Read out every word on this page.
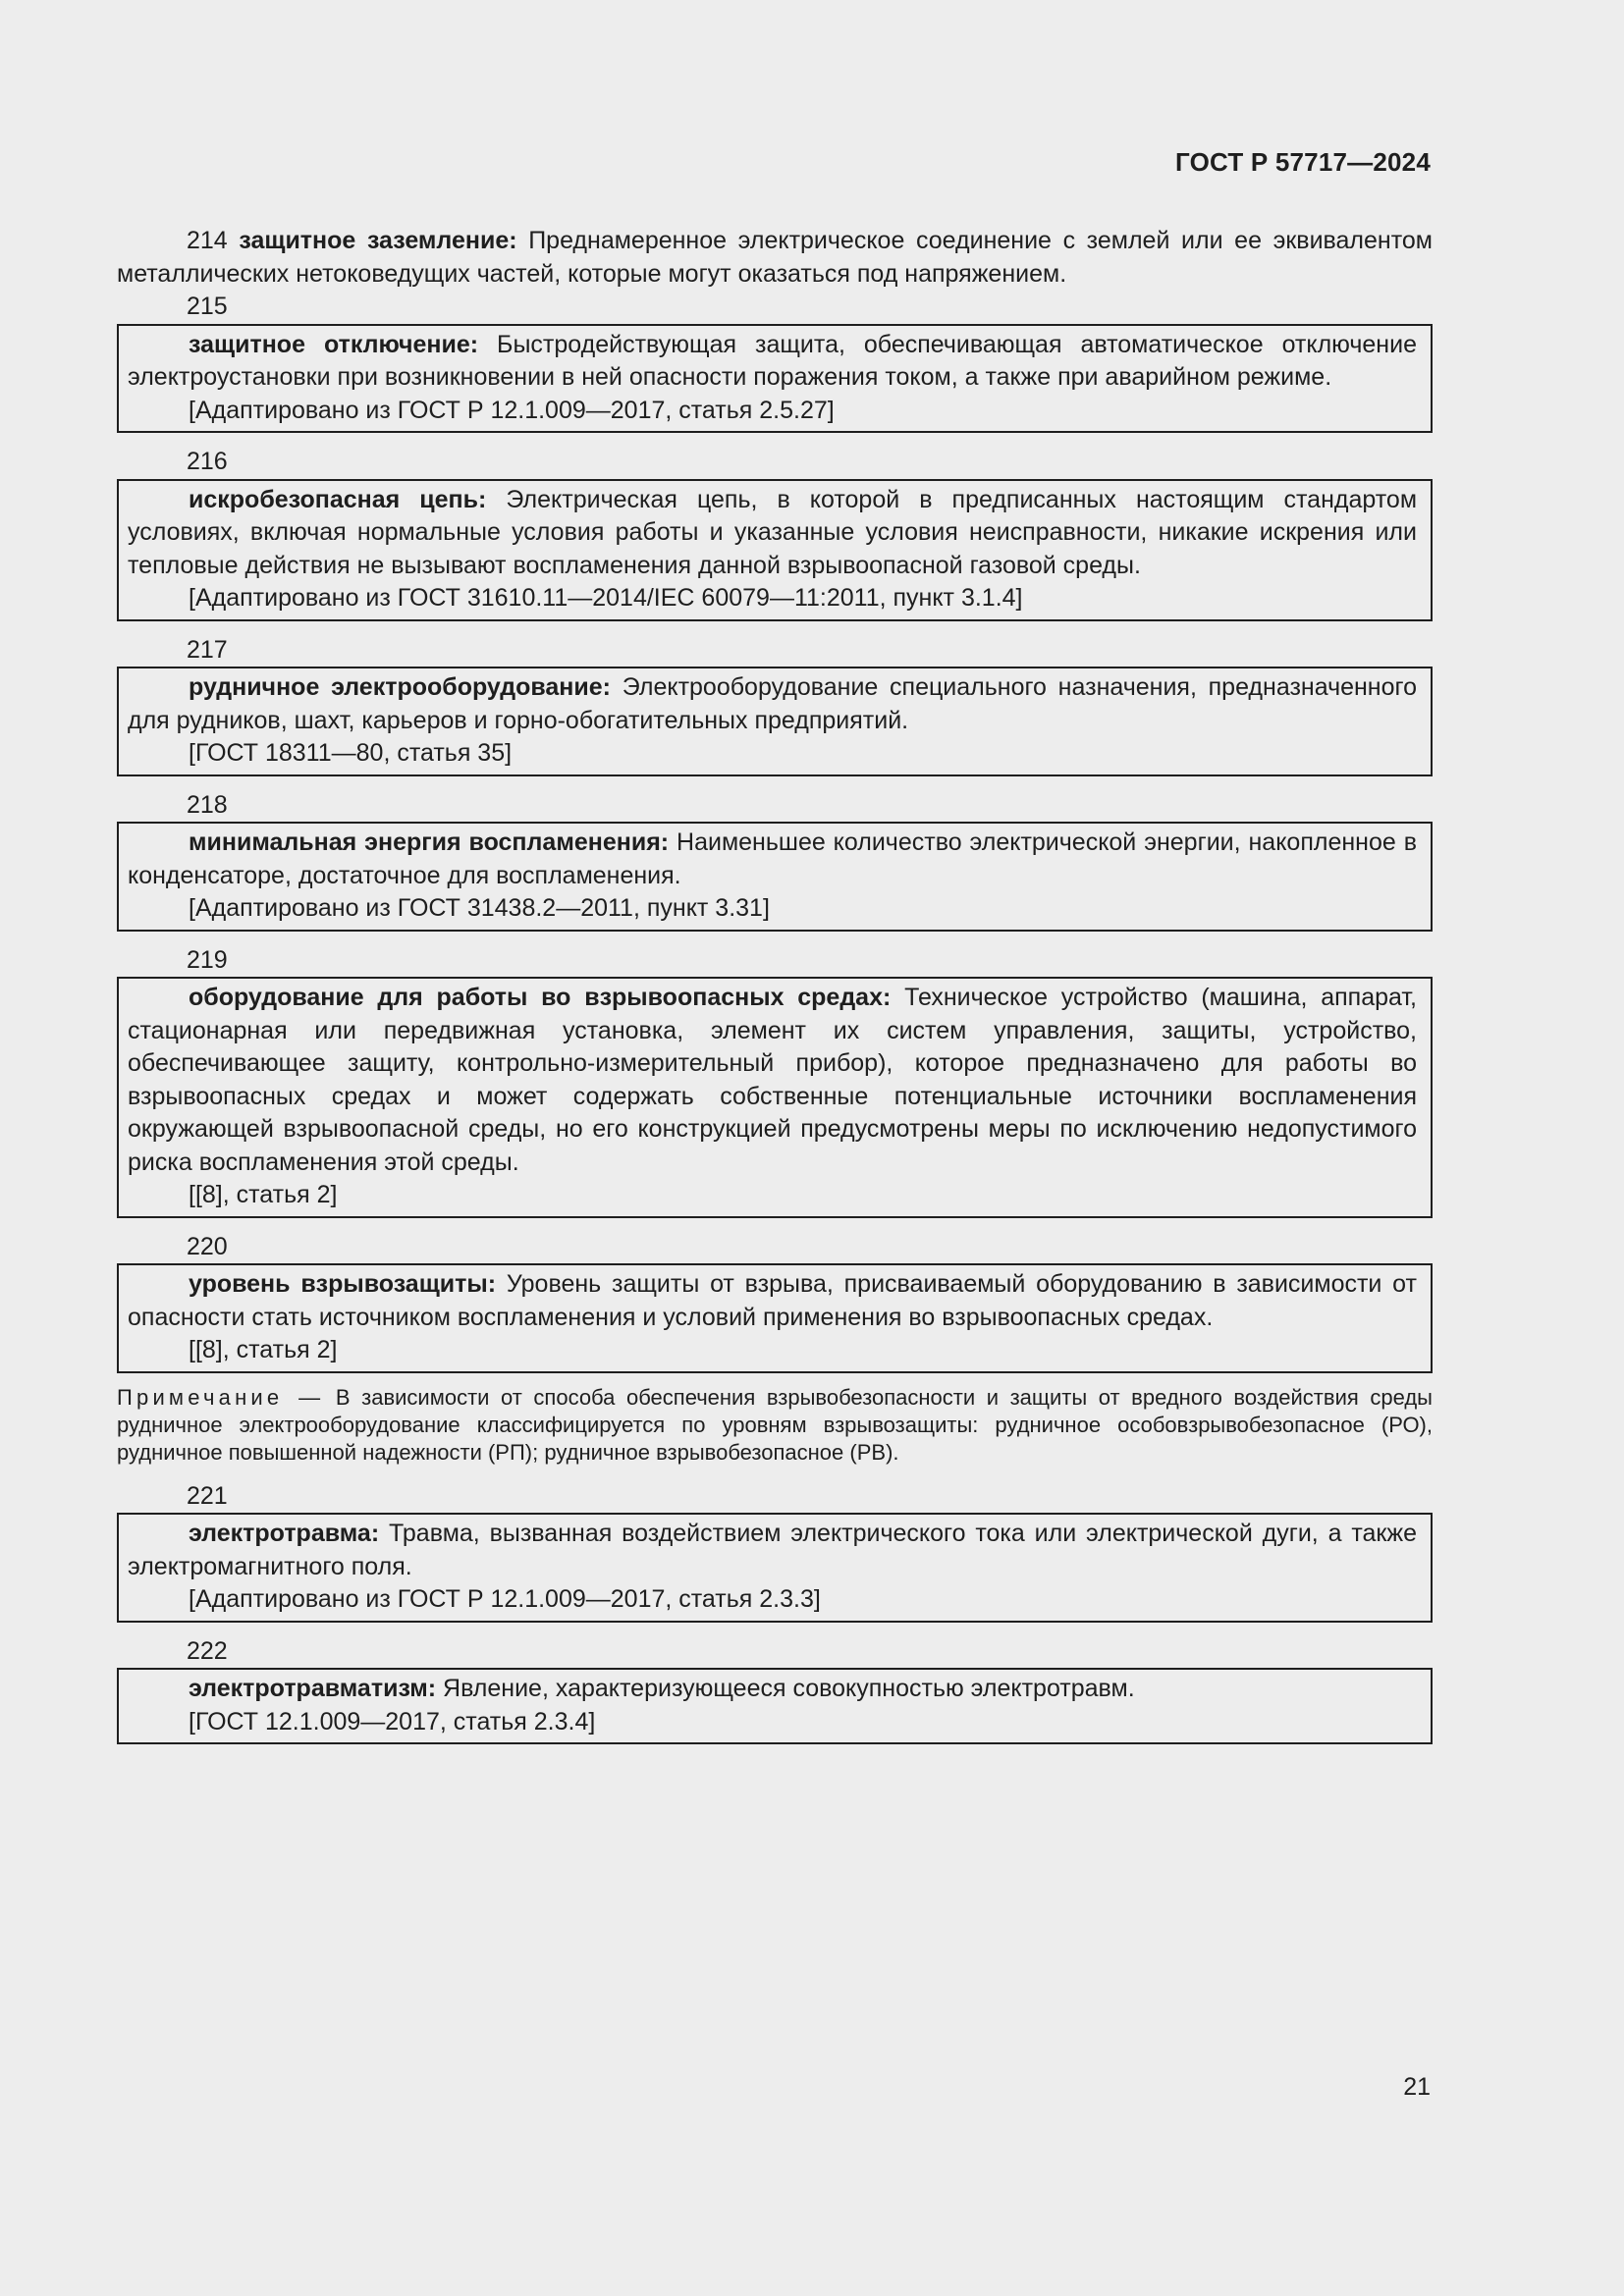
ГОСТ Р 57717—2024

214 защитное заземление: Преднамеренное электрическое соединение с землей или ее эквивалентом металлических нетоковедущих частей, которые могут оказаться под напряжением.

215

защитное отключение: Быстродействующая защита, обеспечивающая автоматическое отключение электроустановки при возникновении в ней опасности поражения током, а также при аварийном режиме.

[Адаптировано из ГОСТ Р 12.1.009—2017, статья 2.5.27]

216

искробезопасная цепь: Электрическая цепь, в которой в предписанных настоящим стандартом условиях, включая нормальные условия работы и указанные условия неисправности, никакие искрения или тепловые действия не вызывают воспламенения данной взрывоопасной газовой среды.

[Адаптировано из ГОСТ 31610.11—2014/IEC 60079—11:2011, пункт 3.1.4]

217

рудничное электрооборудование: Электрооборудование специального назначения, предназначенного для рудников, шахт, карьеров и горно-обогатительных предприятий.

[ГОСТ 18311—80, статья 35]

218

минимальная энергия воспламенения: Наименьшее количество электрической энергии, накопленное в конденсаторе, достаточное для воспламенения.

[Адаптировано из ГОСТ 31438.2—2011, пункт 3.31]

219

оборудование для работы во взрывоопасных средах: Техническое устройство (машина, аппарат, стационарная или передвижная установка, элемент их систем управления, защиты, устройство, обеспечивающее защиту, контрольно-измерительный прибор), которое предназначено для работы во взрывоопасных средах и может содержать собственные потенциальные источники воспламенения окружающей взрывоопасной среды, но его конструкцией предусмотрены меры по исключению недопустимого риска воспламенения этой среды.

[[8], статья 2]

220

уровень взрывозащиты: Уровень защиты от взрыва, присваиваемый оборудованию в зависимости от опасности стать источником воспламенения и условий применения во взрывоопасных средах.

[[8], статья 2]

Примечание — В зависимости от способа обеспечения взрывобезопасности и защиты от вредного воздействия среды рудничное электрооборудование классифицируется по уровням взрывозащиты: рудничное особовзрывобезопасное (РО), рудничное повышенной надежности (РП); рудничное взрывобезопасное (РВ).

221

электротравма: Травма, вызванная воздействием электрического тока или электрической дуги, а также электромагнитного поля.

[Адаптировано из ГОСТ Р 12.1.009—2017, статья 2.3.3]

222

электротравматизм: Явление, характеризующееся совокупностью электротравм.

[ГОСТ 12.1.009—2017, статья 2.3.4]

21
